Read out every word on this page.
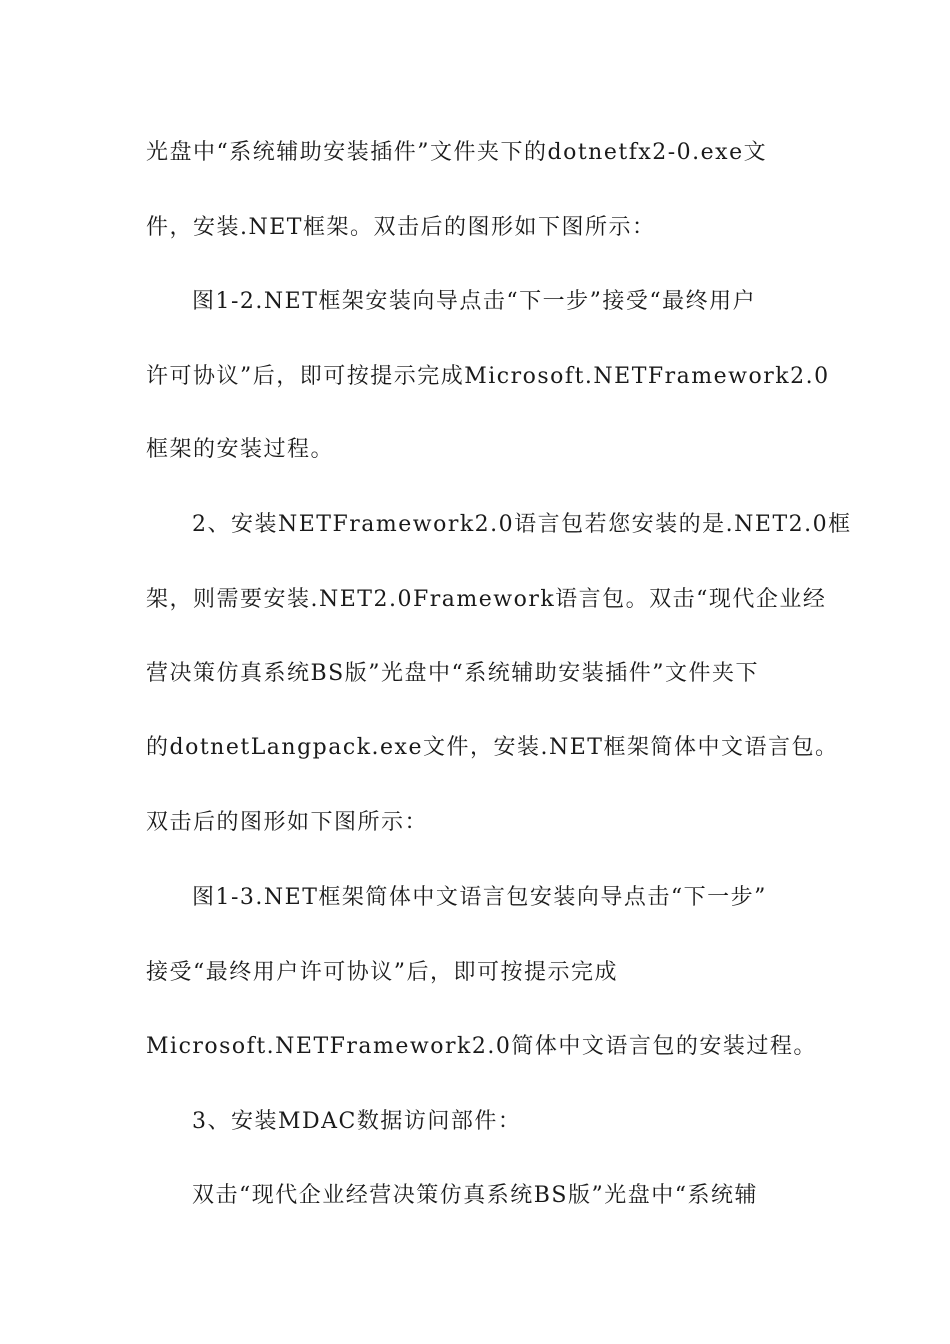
光盘中“系统辅助安装插件”文件夹下的dotnetfx2-0.exe文
件，安装.NET框架。双击后的图形如下图所示：
图1-2.NET框架安装向导点击“下一步”接受“最终用户
许可协议”后，即可按提示完成Microsoft.NETFramework2.0
框架的安装过程。
2、安装NETFramework2.0语言包若您安装的是.NET2.0框
架，则需要安装.NET2.0Framework语言包。双击“现代企业经
营决策仿真系统BS版”光盘中“系统辅助安装插件”文件夹下
的dotnetLangpack.exe文件，安装.NET框架简体中文语言包。
双击后的图形如下图所示：
图1-3.NET框架简体中文语言包安装向导点击“下一步”
接受“最终用户许可协议”后，即可按提示完成
Microsoft.NETFramework2.0简体中文语言包的安装过程。
3、安装MDAC数据访问部件：
双击“现代企业经营决策仿真系统BS版”光盘中“系统辅
